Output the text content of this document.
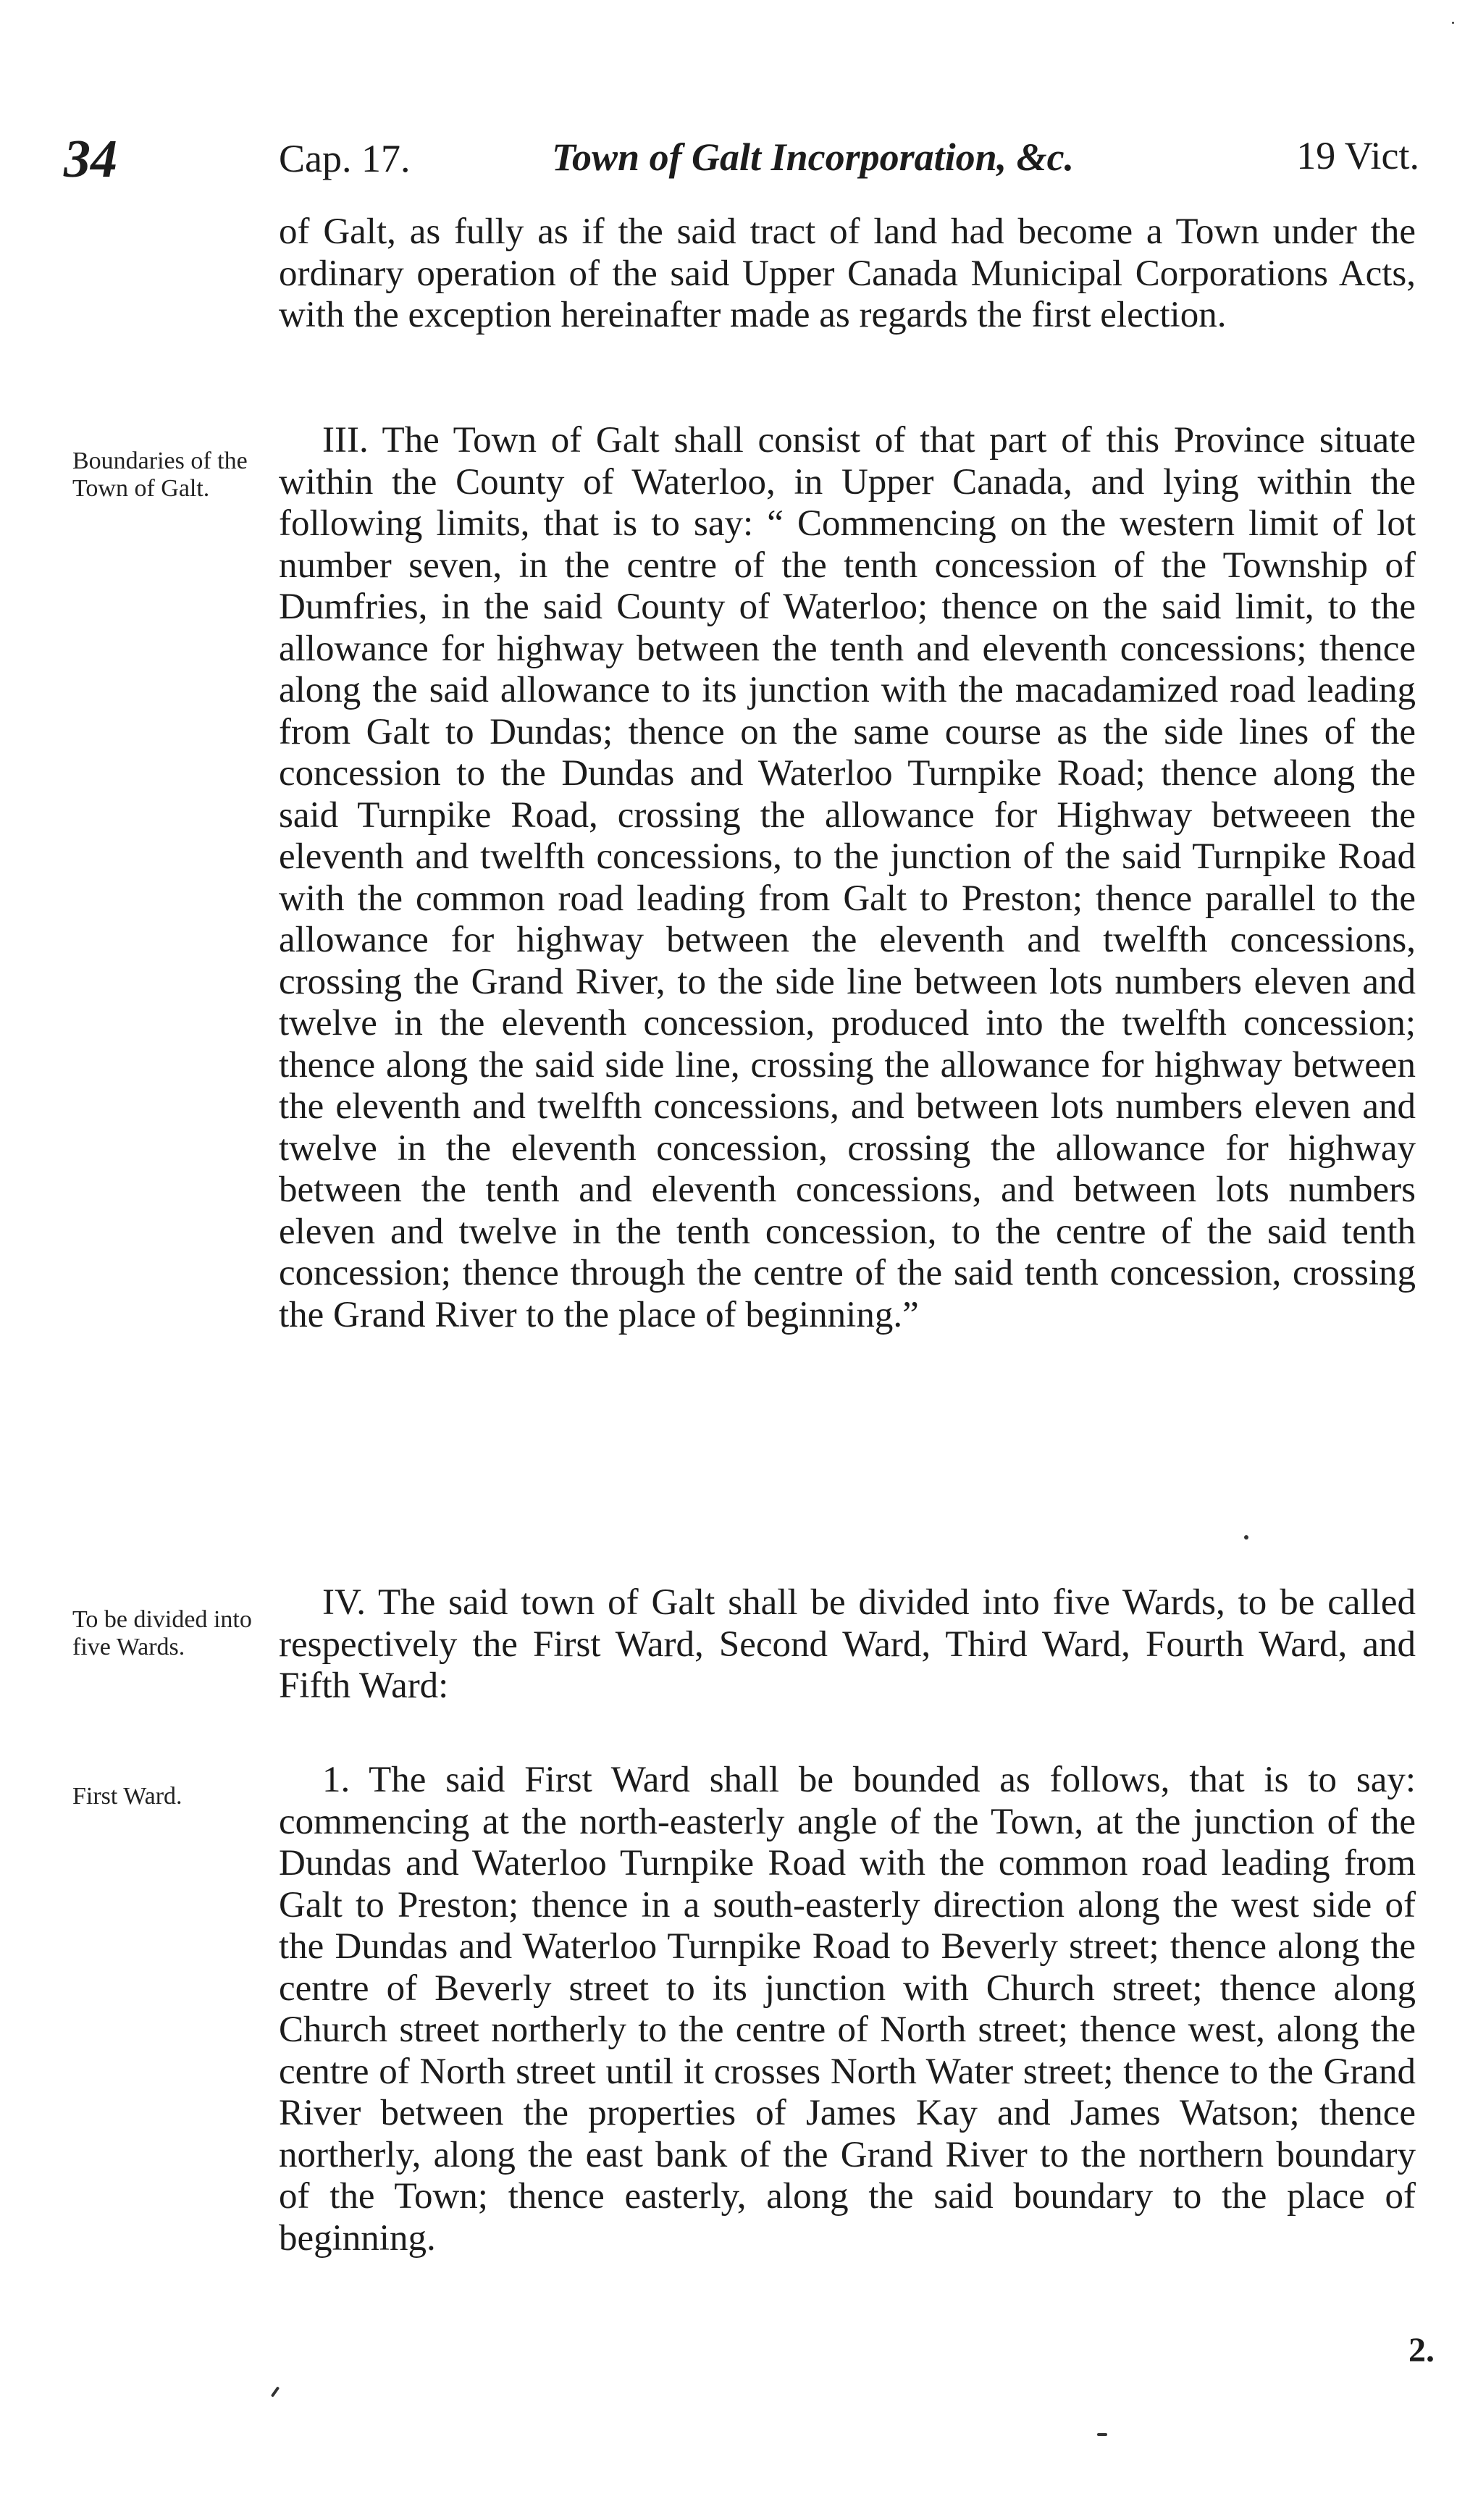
34	Cap. 17.	Town of Galt Incorporation, &c.	19 Vict.

of Galt, as fully as if the said tract of land had become a Town under the ordinary operation of the said Upper Canada Municipal Corporations Acts, with the exception hereinafter made as regards the first election.

Boundaries of the Town of Galt.

III. The Town of Galt shall consist of that part of this Province situate within the County of Waterloo, in Upper Canada, and lying within the following limits, that is to say: “ Commencing on the western limit of lot number seven, in the centre of the tenth concession of the Township of Dumfries, in the said County of Waterloo; thence on the said limit, to the allowance for highway between the tenth and eleventh concessions; thence along the said allowance to its junction with the macadamized road leading from Galt to Dundas; thence on the same course as the side lines of the concession to the Dundas and Waterloo Turnpike Road; thence along the said Turnpike Road, crossing the allowance for Highway betweeen the eleventh and twelfth concessions, to the junction of the said Turnpike Road with the common road leading from Galt to Preston; thence parallel to the allowance for highway between the eleventh and twelfth concessions, crossing the Grand River, to the side line between lots numbers eleven and twelve in the eleventh concession, produced into the twelfth concession; thence along the said side line, crossing the allowance for highway between the eleventh and twelfth concessions, and between lots numbers eleven and twelve in the eleventh concession, crossing the allowance for highway between the tenth and eleventh concessions, and between lots numbers eleven and twelve in the tenth concession, to the centre of the said tenth concession; thence through the centre of the said tenth concession, crossing the Grand River to the place of beginning.”

To be divided into five Wards.

IV. The said town of Galt shall be divided into five Wards, to be called respectively the First Ward, Second Ward, Third Ward, Fourth Ward, and Fifth Ward:

First Ward.	1. The said First Ward shall be bounded as follows, that is to say: commencing at the north-easterly angle of the Town, at the junction of the Dundas and Waterloo Turnpike Road with the common road leading from Galt to Preston; thence in a south-easterly direction along the west side of the Dundas and Waterloo Turnpike Road to Beverly street; thence along the centre of Beverly street to its junction with Church street; thence along Church street northerly to the centre of North street; thence west, along the centre of North street until it crosses North Water street; thence to the Grand River between the properties of James Kay and James Watson; thence northerly, along the east bank of the Grand River to the northern boundary of the Town; thence easterly, along the said boundary to the place of beginning.

2.
